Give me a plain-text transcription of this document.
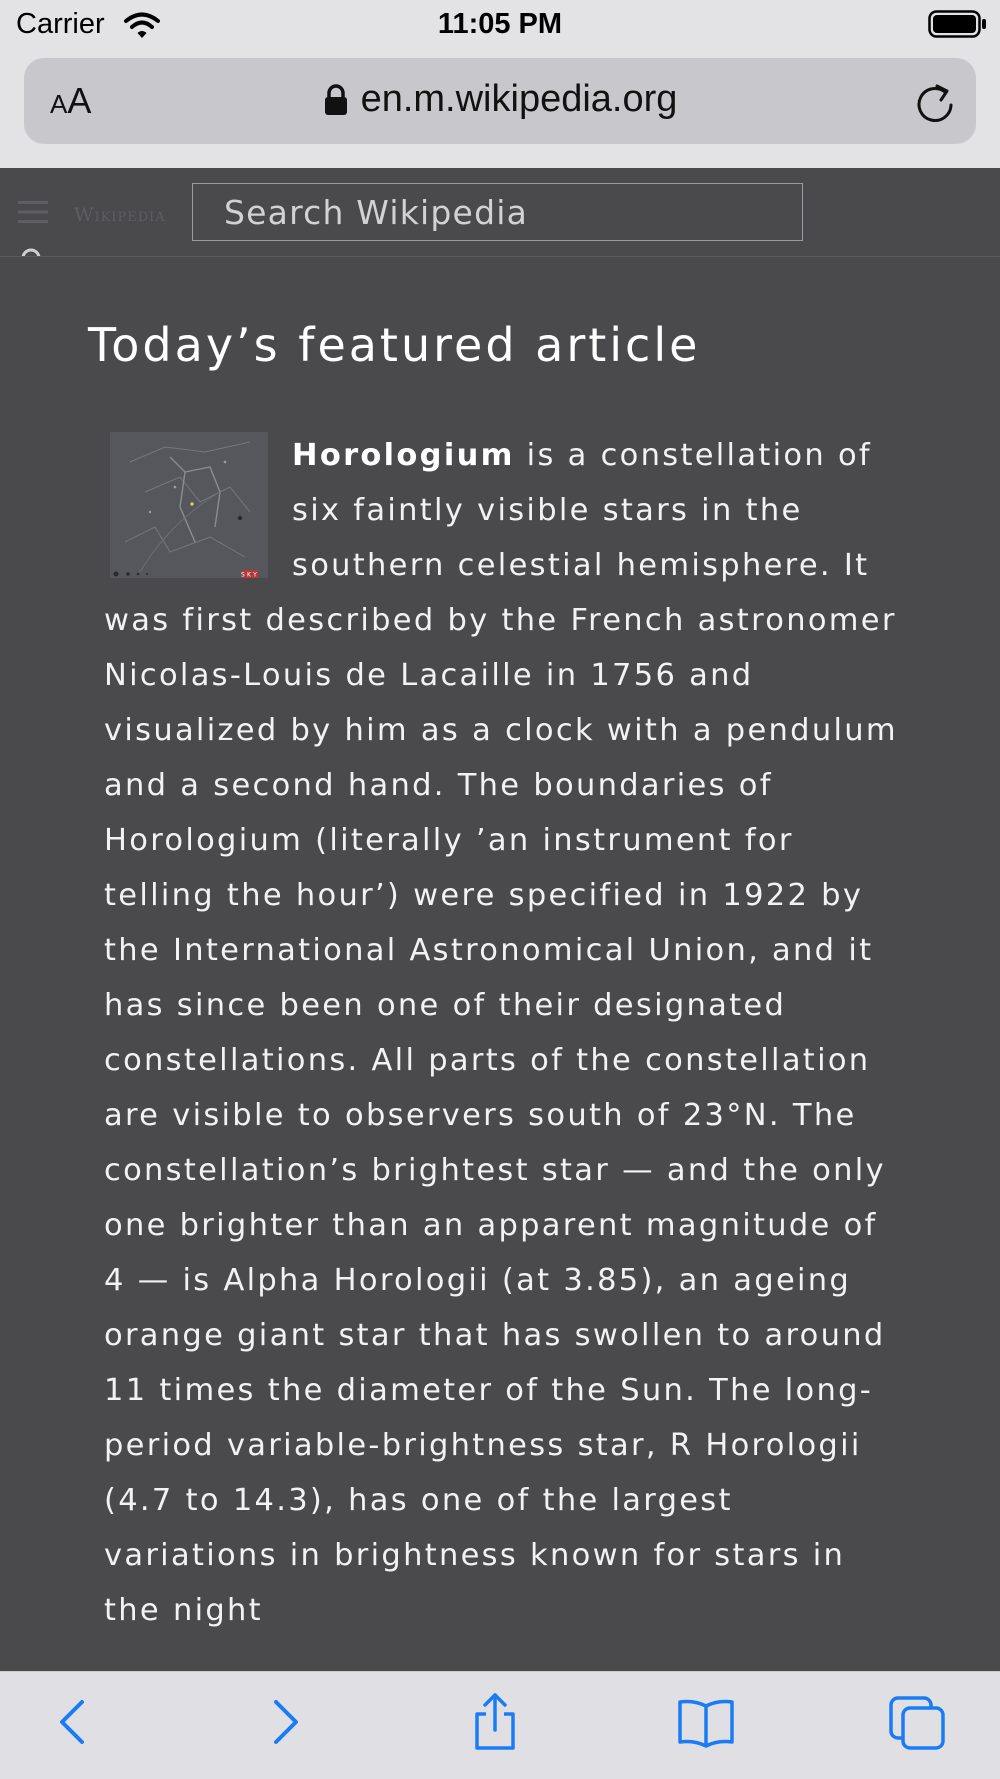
Carrier	11:05 PM
AA	en.m.wikipedia.org
Wikipedia
Search Wikipedia
Today’s featured article
SKY
Horologium is a constellation of six faintly visible stars in the southern celestial hemisphere. It was first described by the French astronomer Nicolas-Louis de Lacaille in 1756 and visualized by him as a clock with a pendulum and a second hand. The boundaries of Horologium (literally ’an instrument for telling the hour’) were specified in 1922 by the International Astronomical Union, and it has since been one of their designated constellations. All parts of the constellation are visible to observers south of 23°N. The constellation’s brightest star — and the only one brighter than an apparent magnitude of 4 — is Alpha Horologii (at 3.85), an ageing orange giant star that has swollen to around 11 times the diameter of the Sun. The long-period variable-brightness star, R Horologii (4.7 to 14.3), has one of the largest variations in brightness known for stars in the night
